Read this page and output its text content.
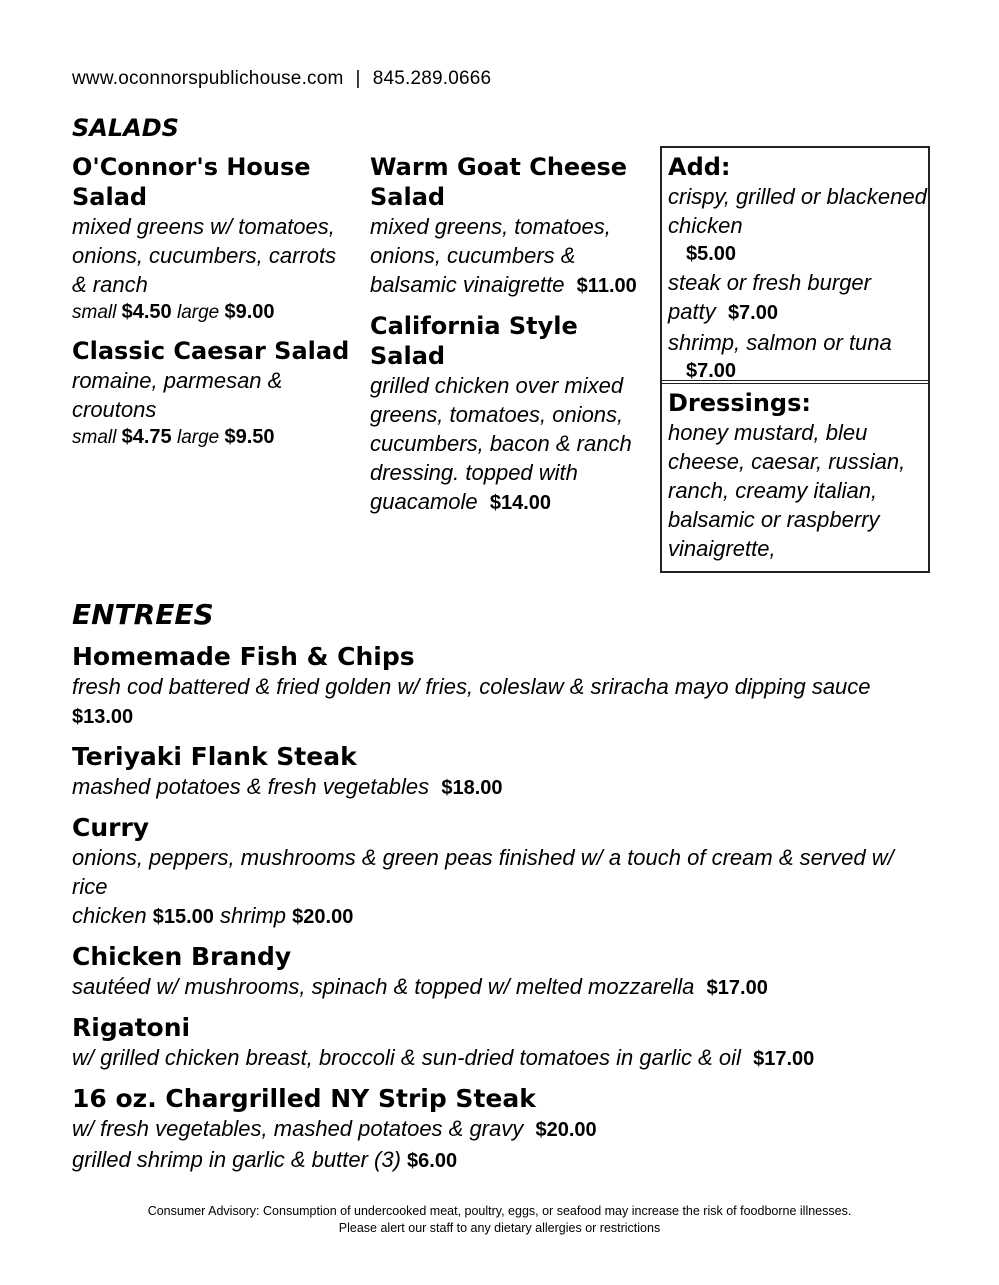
www.oconnorspublichouse.com | 845.289.0666
SALADS

O'Connor's House Salad

mixed greens w/ tomatoes, onions, cucumbers, carrots & ranch

small $4.50 large $9.00

Classic Caesar Salad

romaine, parmesan & croutons

small $4.75 large $9.50

Warm Goat Cheese Salad

mixed greens, tomatoes, onions, cucumbers & balsamic vinaigrette $11.00

California Style Salad

grilled chicken over mixed greens, tomatoes, onions, cucumbers, bacon & ranch dressing. topped with guacamole $14.00

Add:

crispy, grilled or blackened chicken

$5.00

steak or fresh burger patty $7.00

shrimp, salmon or tuna

$7.00

Dressings:

honey mustard, bleu cheese, caesar, russian, ranch, creamy italian, balsamic or raspberry vinaigrette,

ENTREES

Homemade Fish & Chips

fresh cod battered & fried golden w/ fries, coleslaw & sriracha mayo dipping sauce  $13.00

Teriyaki Flank Steak

mashed potatoes & fresh vegetables $18.00

Curry

onions, peppers, mushrooms & green peas finished w/ a touch of cream & served w/ rice

chicken $15.00 shrimp $20.00

Chicken Brandy

sautéed w/ mushrooms, spinach & topped w/ melted mozzarella $17.00

Rigatoni

w/ grilled chicken breast, broccoli & sun-dried tomatoes in garlic & oil $17.00

16 oz. Chargrilled NY Strip Steak

w/ fresh vegetables, mashed potatoes & gravy $20.00

grilled shrimp in garlic & butter (3) $6.00

Consumer Advisory: Consumption of undercooked meat, poultry, eggs, or seafood may increase the risk of foodborne illnesses.
Please alert our staff to any dietary allergies or restrictions
